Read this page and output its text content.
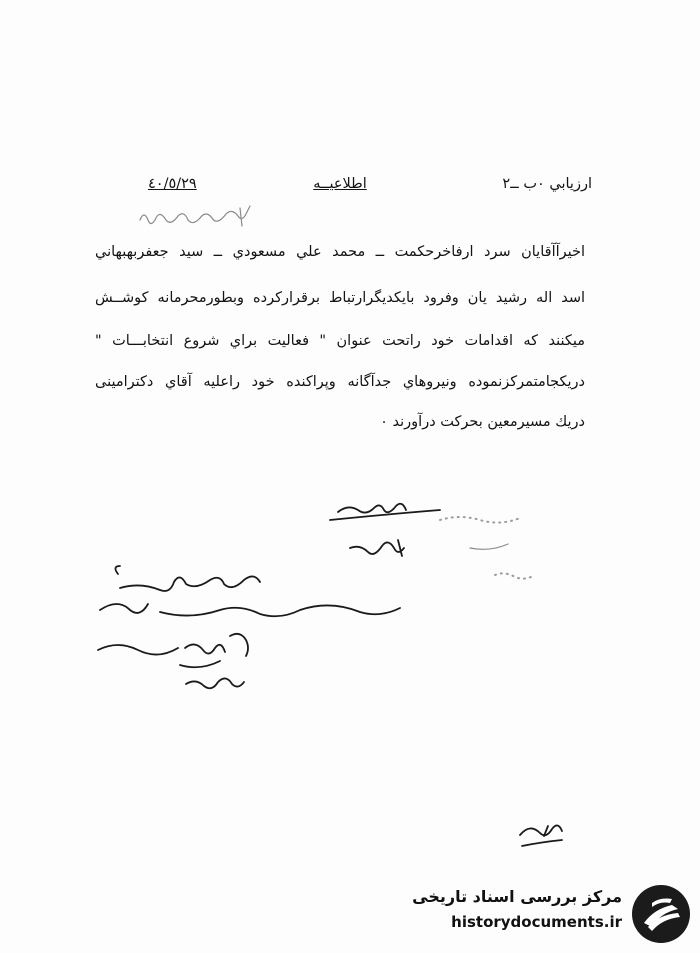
ارزيابي ٠ب ــ٢
اطلاعيــه
٤٠/٥/٢٩
اخيرآآقايان سرد ارفاخرحكمت ــ محمد علي مسعودي ــ سيد جعفربهبهاني
اسد اله رشيد يان وفرود بايكديگرارتباط برقراركرده وبطورمحرمانه كوشــش
ميكنند كه اقدامات خود راتحت عنوان " فعاليت براي شروع انتخابـــات "
دريكجامتمركزنموده ونيروهاي جدآگانه وپراكنده خود راعليه آقاي دكترامينى
دريك مسيرمعين بحركت درآورند ٠
مرکز بررسی اسناد تاریخی
historydocuments.ir
